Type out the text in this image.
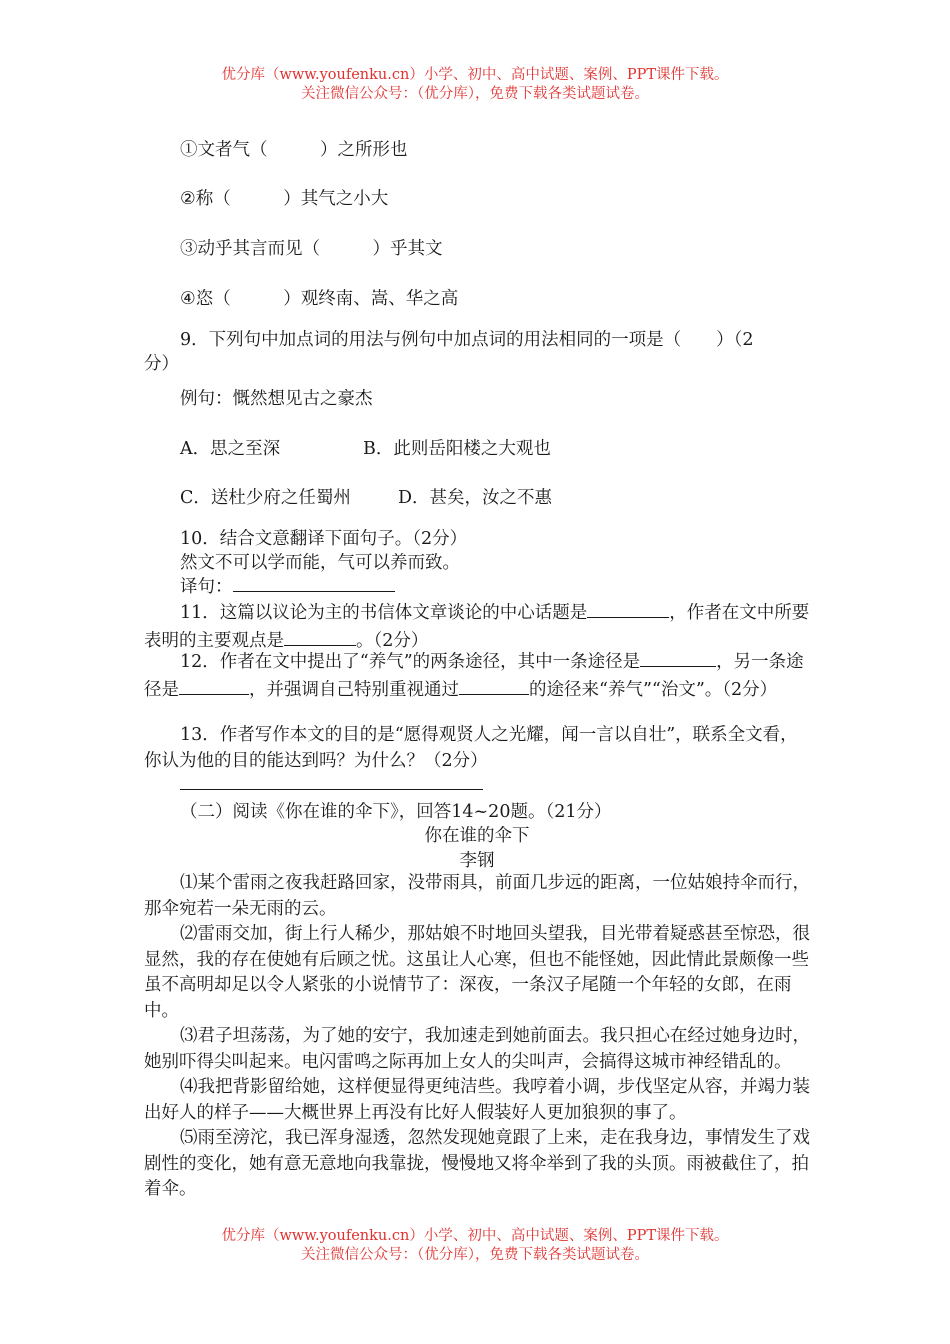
优分库（www.youfenku.cn）小学、初中、高中试题、案例、PPT课件下载。
关注微信公众号：（优分库），免费下载各类试题试卷。
①文者气（　　　）之所形也
②称（　　　）其气之小大
③动乎其言而见（　　　）乎其文
④恣（　　　）观终南、嵩、华之高
9．下列句中加点词的用法与例句中加点词的用法相同的一项是（　　）（2
分）
例句：慨然想见古之豪杰
A．思之至深	B．此则岳阳楼之大观也
C．送杜少府之任蜀州	D．甚矣，汝之不惠
10．结合文意翻译下面句子。（2分）
然文不可以学而能，气可以养而致。
译句：
11．这篇以议论为主的书信体文章谈论的中心话题是	，作者在文中所要表明的主要观点是	。（2分）
12．作者在文中提出了“养气”的两条途径，其中一条途径是	，另一条途径是	，并强调自己特别重视通过	的途径来“养气”“治文”。（2分）
13．作者写作本文的目的是“愿得观贤人之光耀，闻一言以自壮”，联系全文看，你认为他的目的能达到吗？为什么？（2分）
（二）阅读《你在谁的伞下》，回答14~20题。（21分）
你在谁的伞下
李钢
⑴某个雷雨之夜我赶路回家，没带雨具，前面几步远的距离，一位姑娘持伞而行，那伞宛若一朵无雨的云。
⑵雷雨交加，街上行人稀少，那姑娘不时地回头望我，目光带着疑惑甚至惊恐，很显然，我的存在使她有后顾之忧。这虽让人心寒，但也不能怪她，因此情此景颇像一些虽不高明却足以令人紧张的小说情节了：深夜，一条汉子尾随一个年轻的女郎，在雨中。
⑶君子坦荡荡，为了她的安宁，我加速走到她前面去。我只担心在经过她身边时，她别吓得尖叫起来。电闪雷鸣之际再加上女人的尖叫声，会搞得这城市神经错乱的。
⑷我把背影留给她，这样便显得更纯洁些。我哼着小调，步伐坚定从容，并竭力装出好人的样子——大概世界上再没有比好人假装好人更加狼狈的事了。
⑸雨至滂沱，我已浑身湿透，忽然发现她竟跟了上来，走在我身边，事情发生了戏剧性的变化，她有意无意地向我靠拢，慢慢地又将伞举到了我的头顶。雨被截住了，拍着伞。
优分库（www.youfenku.cn）小学、初中、高中试题、案例、PPT课件下载。
关注微信公众号：（优分库），免费下载各类试题试卷。
